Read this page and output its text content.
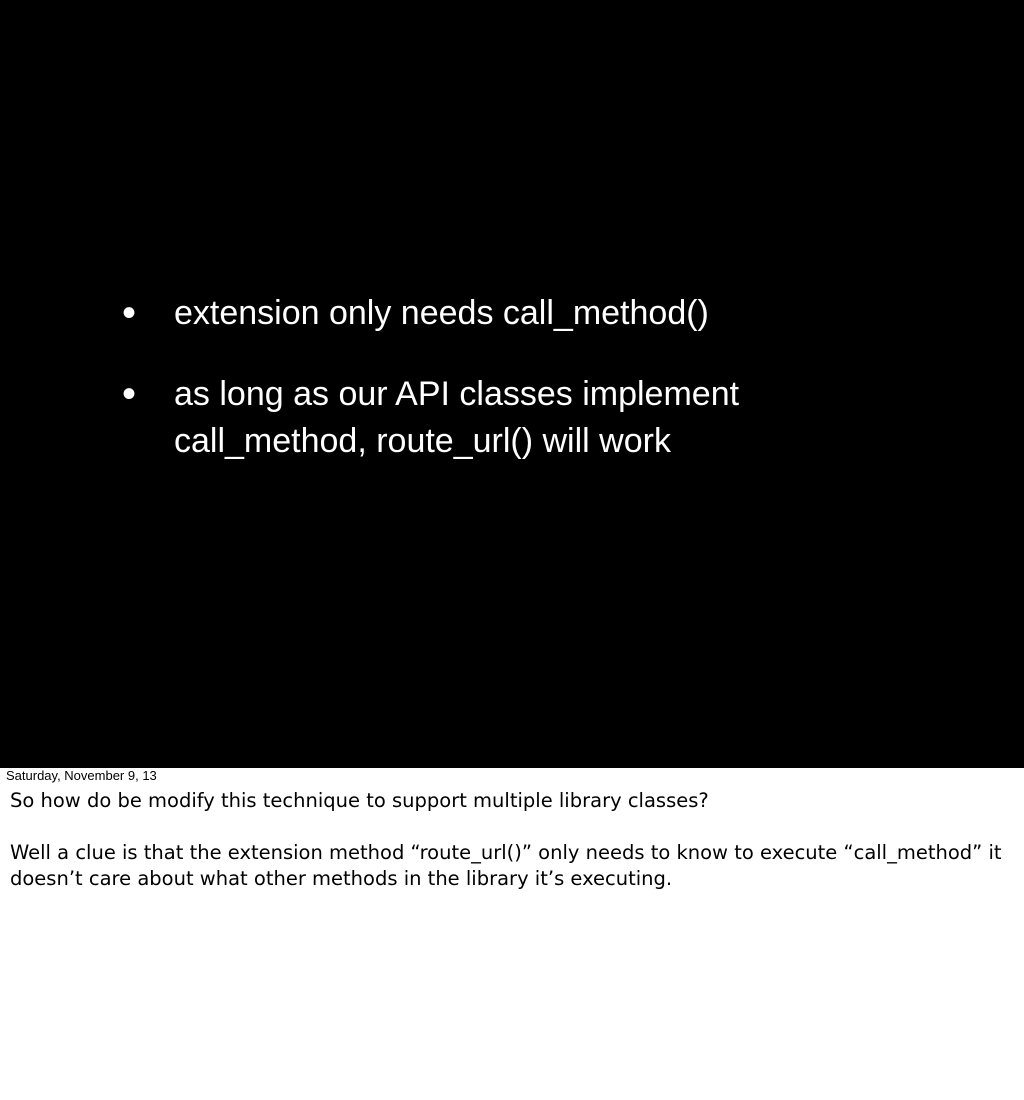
• extension only needs call_method()
• as long as our API classes implement call_method, route_url() will work
Saturday, November 9, 13

So how do be modify this technique to support multiple library classes?

Well a clue is that the extension method “route_url()” only needs to know to execute “call_method” it doesn’t care about what other methods in the library it’s executing.
